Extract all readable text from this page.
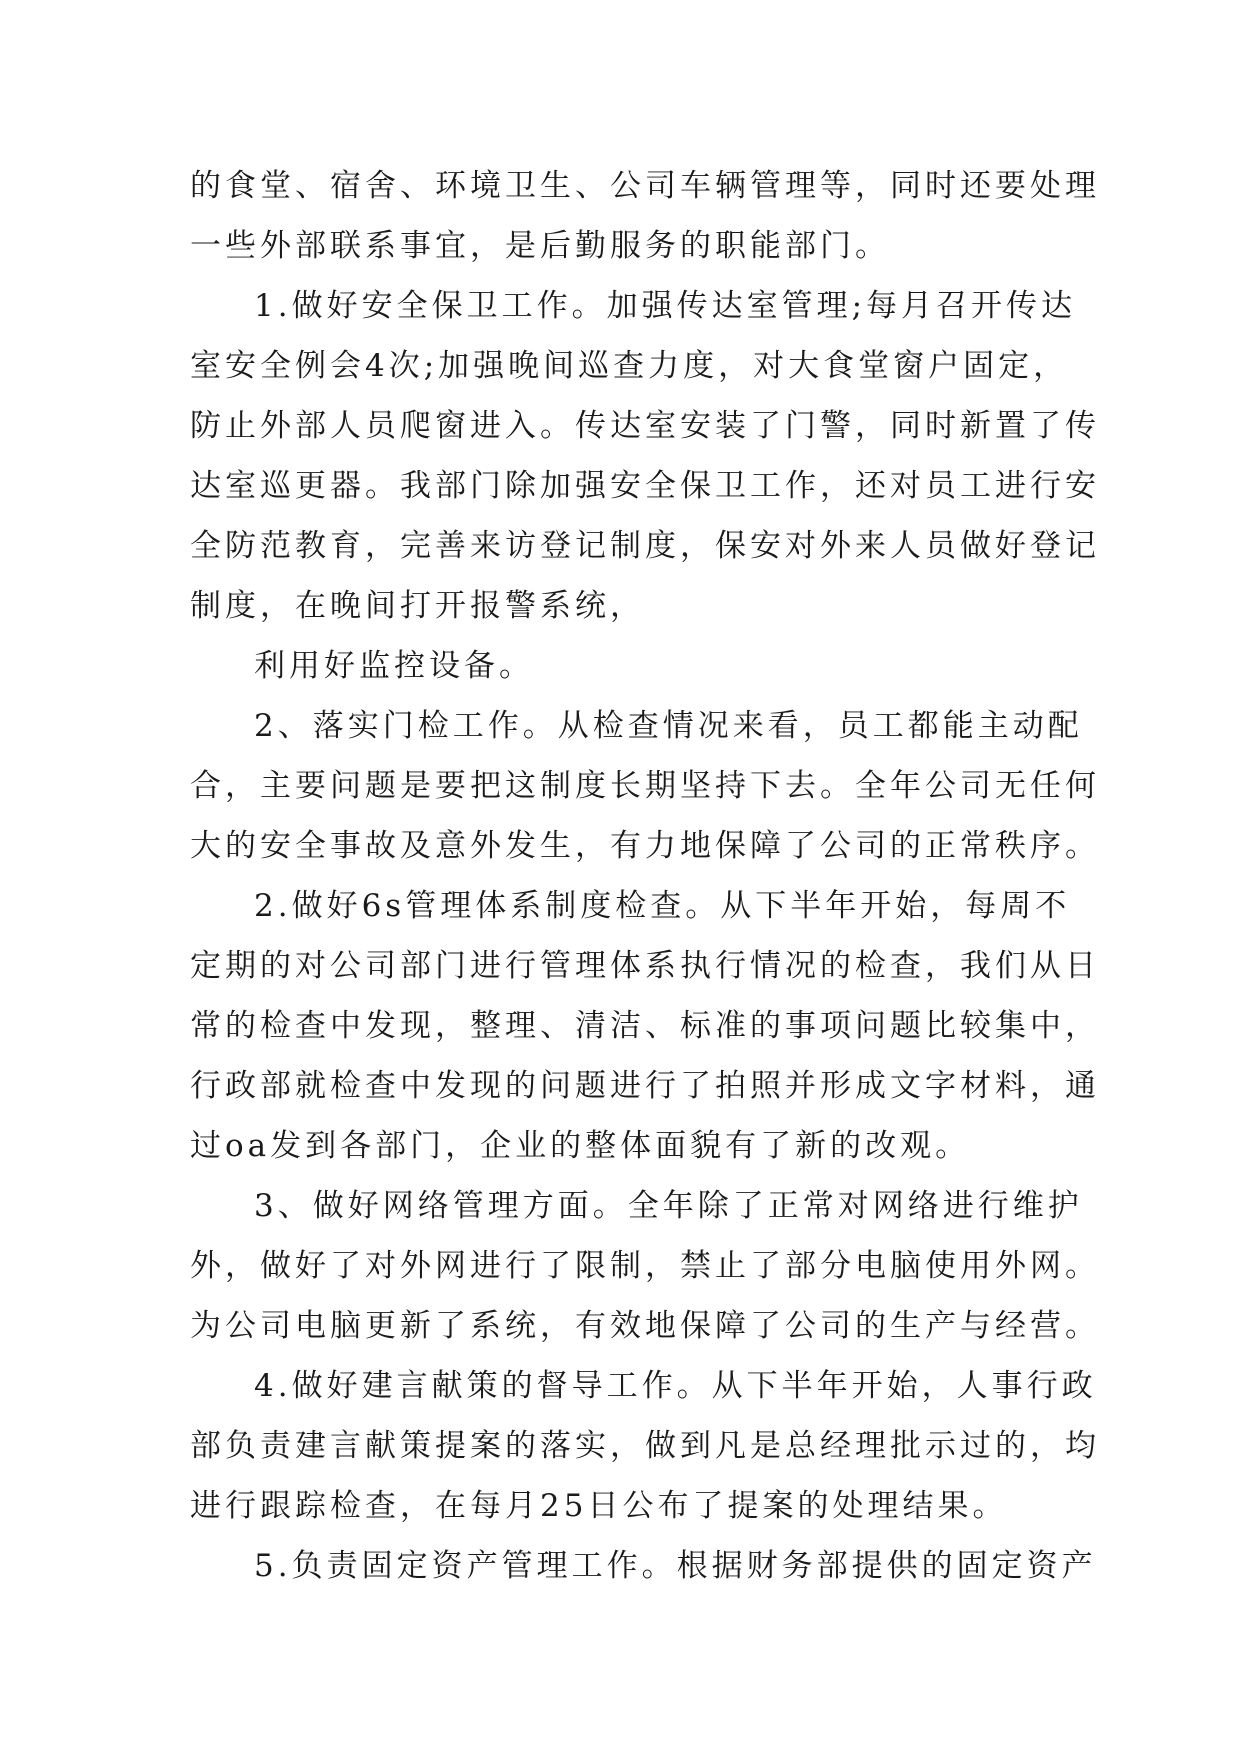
的食堂、宿舍、环境卫生、公司车辆管理等，同时还要处理
一些外部联系事宜，是后勤服务的职能部门。
1.做好安全保卫工作。加强传达室管理;每月召开传达
室安全例会4次;加强晚间巡查力度，对大食堂窗户固定，
防止外部人员爬窗进入。传达室安装了门警，同时新置了传
达室巡更器。我部门除加强安全保卫工作，还对员工进行安
全防范教育，完善来访登记制度，保安对外来人员做好登记
制度，在晚间打开报警系统，
利用好监控设备。
2、落实门检工作。从检查情况来看，员工都能主动配
合，主要问题是要把这制度长期坚持下去。全年公司无任何
大的安全事故及意外发生，有力地保障了公司的正常秩序。
2.做好6s管理体系制度检查。从下半年开始，每周不
定期的对公司部门进行管理体系执行情况的检查，我们从日
常的检查中发现，整理、清洁、标准的事项问题比较集中，
行政部就检查中发现的问题进行了拍照并形成文字材料，通
过oa发到各部门，企业的整体面貌有了新的改观。
3、做好网络管理方面。全年除了正常对网络进行维护
外，做好了对外网进行了限制，禁止了部分电脑使用外网。
为公司电脑更新了系统，有效地保障了公司的生产与经营。
4.做好建言献策的督导工作。从下半年开始，人事行政
部负责建言献策提案的落实，做到凡是总经理批示过的，均
进行跟踪检查，在每月25日公布了提案的处理结果。
5.负责固定资产管理工作。根据财务部提供的固定资产
